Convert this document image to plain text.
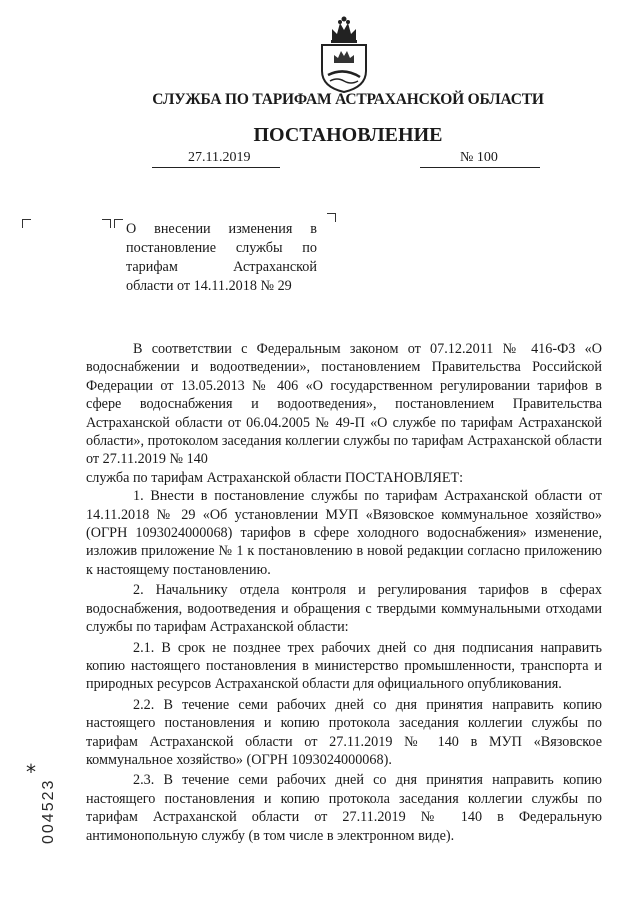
СЛУЖБА ПО ТАРИФАМ АСТРАХАНСКОЙ ОБЛАСТИ
ПОСТАНОВЛЕНИЕ
27.11.2019	№ 100
О внесении изменения в
постановление службы по
тарифам Астраханской
области от 14.11.2018 № 29

В соответствии с Федеральным законом от 07.12.2011 № 416-ФЗ «О водоснабжении и водоотведении», постановлением Правительства Российской Федерации от 13.05.2013 № 406 «О государственном регулировании тарифов в сфере водоснабжения и водоотведения», постановлением Правительства Астраханской области от 06.04.2005 № 49-П «О службе по тарифам Астраханской области», протоколом заседания коллегии службы по тарифам Астраханской области от 27.11.2019 № 140

служба по тарифам Астраханской области ПОСТАНОВЛЯЕТ:

1. Внести в постановление службы по тарифам Астраханской области от 14.11.2018 № 29 «Об установлении МУП «Вязовское коммунальное хозяйство» (ОГРН 1093024000068) тарифов в сфере холодного водоснабжения» изменение, изложив приложение № 1 к постановлению в новой редакции согласно приложению к настоящему постановлению.

2. Начальнику отдела контроля и регулирования тарифов в сферах водоснабжения, водоотведения и обращения с твердыми коммунальными отходами службы по тарифам Астраханской области:

2.1. В срок не позднее трех рабочих дней со дня подписания направить копию настоящего постановления в министерство промышленности, транспорта и природных ресурсов Астраханской области для официального опубликования.

2.2. В течение семи рабочих дней со дня принятия направить копию настоящего постановления и копию протокола заседания коллегии службы по тарифам Астраханской области от 27.11.2019 № 140 в МУП «Вязовское коммунальное хозяйство» (ОГРН 1093024000068).

2.3. В течение семи рабочих дней со дня принятия направить копию настоящего постановления и копию протокола заседания коллегии службы по тарифам Астраханской области от 27.11.2019 № 140 в Федеральную антимонопольную службу (в том числе в электронном виде).

*
004523
